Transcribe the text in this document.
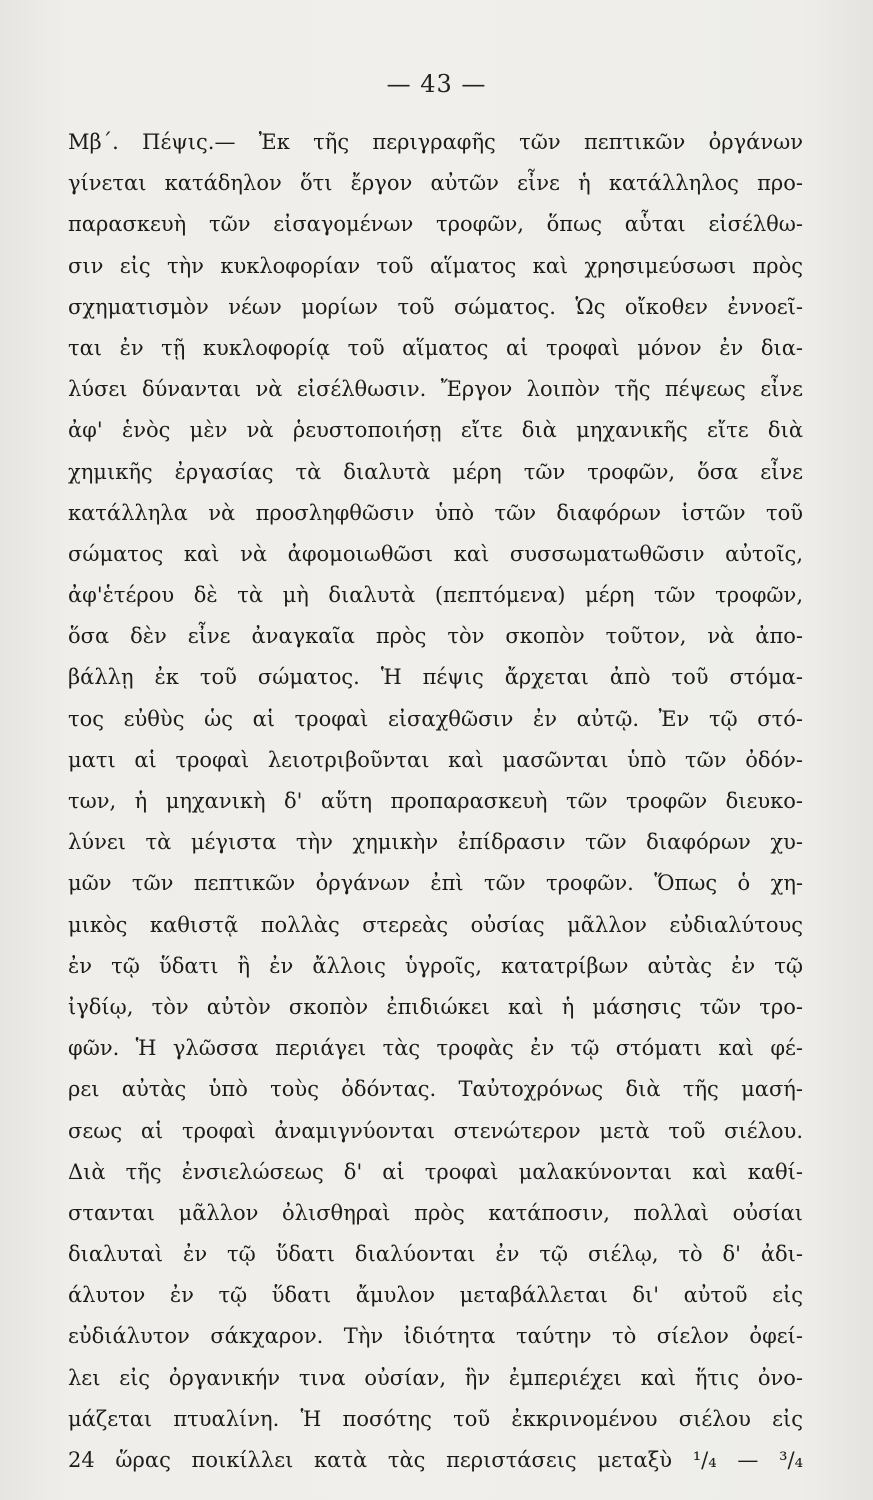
— 43 —
Μβ΄. Πέψις.— Ἐκ τῆς περιγραφῆς τῶν πεπτικῶν ὀργάνων
γίνεται κατάδηλον ὅτι ἔργον αὐτῶν εἶνε ἡ κατάλληλος προ-
παρασκευὴ τῶν εἰσαγομένων τροφῶν, ὅπως αὗται εἰσέλθω-
σιν εἰς τὴν κυκλοφορίαν τοῦ αἵματος καὶ χρησιμεύσωσι πρὸς
σχηματισμὸν νέων μορίων τοῦ σώματος. Ὡς οἴκοθεν ἐννοεῖ-
ται ἐν τῇ κυκλοφορίᾳ τοῦ αἵματος αἱ τροφαὶ μόνον ἐν δια-
λύσει δύνανται νὰ εἰσέλθωσιν. Ἔργον λοιπὸν τῆς πέψεως εἶνε
ἀφ' ἑνὸς μὲν νὰ ῥευστοποιήσῃ εἴτε διὰ μηχανικῆς εἴτε διὰ
χημικῆς ἐργασίας τὰ διαλυτὰ μέρη τῶν τροφῶν, ὅσα εἶνε
κατάλληλα νὰ προσληφθῶσιν ὑπὸ τῶν διαφόρων ἱστῶν τοῦ
σώματος καὶ νὰ ἀφομοιωθῶσι καὶ συσσωματωθῶσιν αὐτοῖς,
ἀφ'ἑτέρου δὲ τὰ μὴ διαλυτὰ (πεπτόμενα) μέρη τῶν τροφῶν,
ὅσα δὲν εἶνε ἀναγκαῖα πρὸς τὸν σκοπὸν τοῦτον, νὰ ἀπο-
βάλλῃ ἐκ τοῦ σώματος. Ἡ πέψις ἄρχεται ἀπὸ τοῦ στόμα-
τος εὐθὺς ὡς αἱ τροφαὶ εἰσαχθῶσιν ἐν αὐτῷ. Ἐν τῷ στό-
ματι αἱ τροφαὶ λειοτριβοῦνται καὶ μασῶνται ὑπὸ τῶν ὀδόν-
των, ἡ μηχανικὴ δ' αὕτη προπαρασκευὴ τῶν τροφῶν διευκο-
λύνει τὰ μέγιστα τὴν χημικὴν ἐπίδρασιν τῶν διαφόρων χυ-
μῶν τῶν πεπτικῶν ὀργάνων ἐπὶ τῶν τροφῶν. Ὅπως ὁ χη-
μικὸς καθιστᾷ πολλὰς στερεὰς οὐσίας μᾶλλον εὐδιαλύτους
ἐν τῷ ὕδατι ἢ ἐν ἄλλοις ὑγροῖς, κατατρίβων αὐτὰς ἐν τῷ
ἰγδίῳ, τὸν αὐτὸν σκοπὸν ἐπιδιώκει καὶ ἡ μάσησις τῶν τρο-
φῶν. Ἡ γλῶσσα περιάγει τὰς τροφὰς ἐν τῷ στόματι καὶ φέ-
ρει αὐτὰς ὑπὸ τοὺς ὀδόντας. Ταὐτοχρόνως διὰ τῆς μασή-
σεως αἱ τροφαὶ ἀναμιγνύονται στενώτερον μετὰ τοῦ σιέλου.
Διὰ τῆς ἐνσιελώσεως δ' αἱ τροφαὶ μαλακύνονται καὶ καθί-
στανται μᾶλλον ὀλισθηραὶ πρὸς κατάποσιν, πολλαὶ οὐσίαι
διαλυταὶ ἐν τῷ ὕδατι διαλύονται ἐν τῷ σιέλῳ, τὸ δ' ἀδι-
άλυτον ἐν τῷ ὕδατι ἄμυλον μεταβάλλεται δι' αὐτοῦ εἰς
εὐδιάλυτον σάκχαρον. Τὴν ἰδιότητα ταύτην τὸ σίελον ὀφεί-
λει εἰς ὀργανικήν τινα οὐσίαν, ἣν ἐμπεριέχει καὶ ἥτις ὀνο-
μάζεται πτυαλίνη. Ἡ ποσότης τοῦ ἐκκρινομένου σιέλου εἰς
24 ὥρας ποικίλλει κατὰ τὰς περιστάσεις μεταξὺ ¹/₄ — ³/₄
